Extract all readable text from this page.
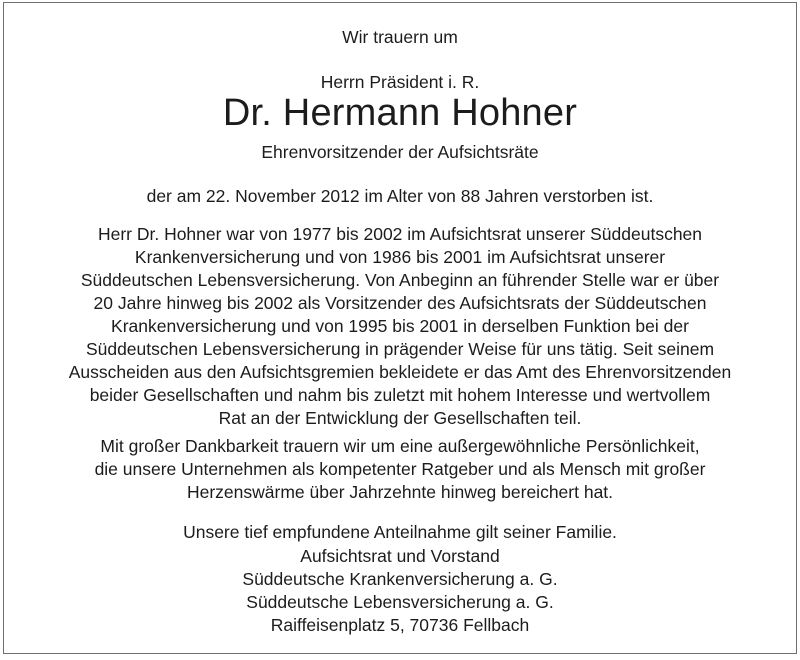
Wir trauern um
Herrn Präsident i. R.
Dr. Hermann Hohner
Ehrenvorsitzender der Aufsichtsräte
der am 22. November 2012 im Alter von 88 Jahren verstorben ist.
Herr Dr. Hohner war von 1977 bis 2002 im Aufsichtsrat unserer Süddeutschen
Krankenversicherung und von 1986 bis 2001 im Aufsichtsrat unserer
Süddeutschen Lebensversicherung. Von Anbeginn an führender Stelle war er über
20 Jahre hinweg bis 2002 als Vorsitzender des Aufsichtsrats der Süddeutschen
Krankenversicherung und von 1995 bis 2001 in derselben Funktion bei der
Süddeutschen Lebensversicherung in prägender Weise für uns tätig. Seit seinem
Ausscheiden aus den Aufsichtsgremien bekleidete er das Amt des Ehrenvorsitzenden
beider Gesellschaften und nahm bis zuletzt mit hohem Interesse und wertvollem
Rat an der Entwicklung der Gesellschaften teil.
Mit großer Dankbarkeit trauern wir um eine außergewöhnliche Persönlichkeit,
die unsere Unternehmen als kompetenter Ratgeber und als Mensch mit großer
Herzenswärme über Jahrzehnte hinweg bereichert hat.
Unsere tief empfundene Anteilnahme gilt seiner Familie.
Aufsichtsrat und Vorstand
Süddeutsche Krankenversicherung a. G.
Süddeutsche Lebensversicherung a. G.
Raiffeisenplatz 5, 70736 Fellbach
